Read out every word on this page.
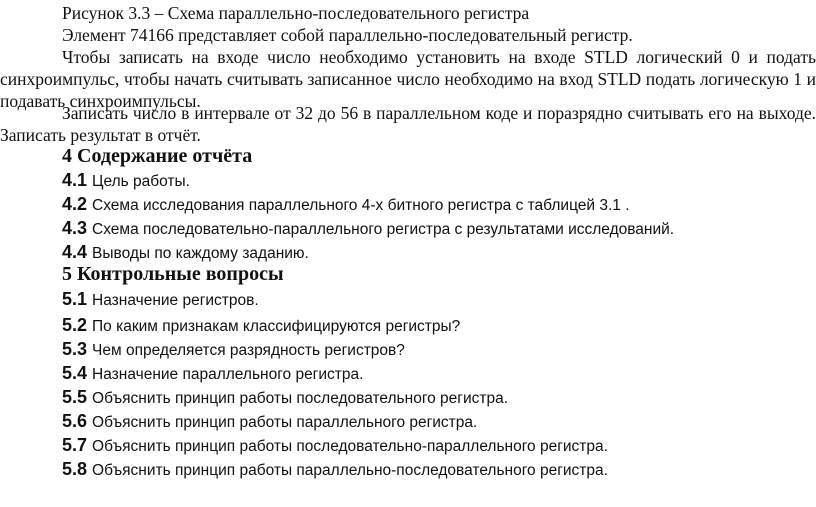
Рисунок 3.3 – Схема параллельно-последовательного регистра
Элемент 74166 представляет собой параллельно-последовательный регистр.
Чтобы записать на входе число необходимо установить на входе STLD логический 0 и подать
синхроимпульс, чтобы начать считывать записанное число необходимо на вход STLD подать логическую 1 и
подавать синхроимпульсы.
Записать число в интервале от 32 до 56 в параллельном коде и поразрядно считывать его на выходе.
Записать результат в отчёт.
4 Содержание отчёта
4.1 Цель работы.
4.2 Схема исследования параллельного 4-х битного регистра с таблицей 3.1 .
4.3 Схема последовательно-параллельного регистра с результатами исследований.
4.4 Выводы по каждому заданию.
5 Контрольные вопросы
5.1 Назначение регистров.
5.2 По каким признакам классифицируются регистры?
5.3 Чем определяется разрядность регистров?
5.4 Назначение параллельного регистра.
5.5 Объяснить принцип работы последовательного регистра.
5.6 Объяснить принцип работы параллельного регистра.
5.7 Объяснить принцип работы последовательно-параллельного регистра.
5.8 Объяснить принцип работы параллельно-последовательного регистра.
